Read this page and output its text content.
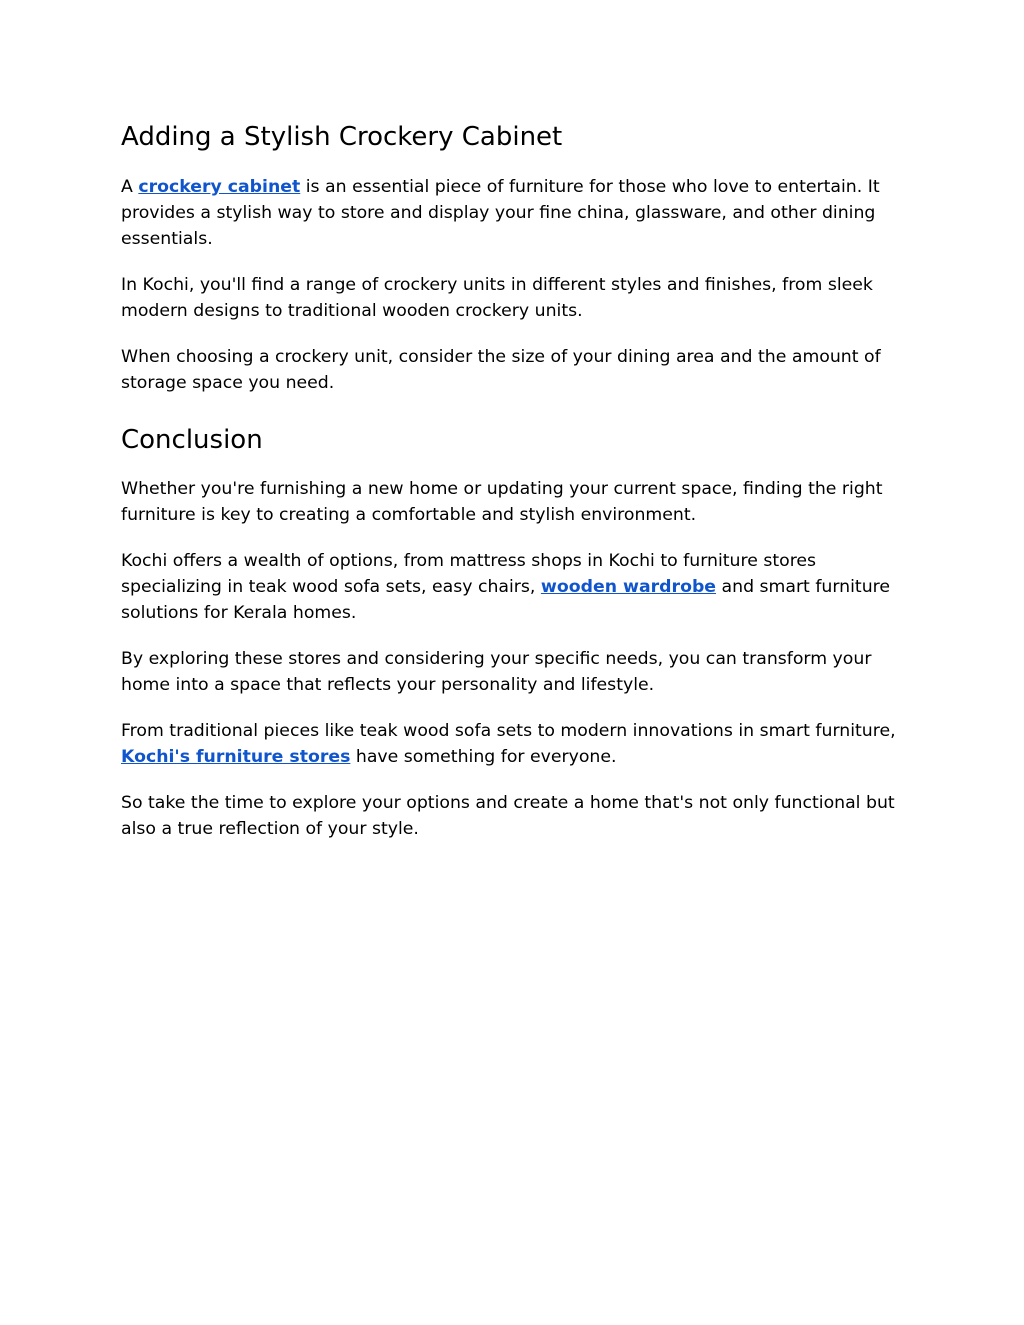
Adding a Stylish Crockery Cabinet

A crockery cabinet is an essential piece of furniture for those who love to entertain. It provides a stylish way to store and display your fine china, glassware, and other dining essentials.

In Kochi, you'll find a range of crockery units in different styles and finishes, from sleek modern designs to traditional wooden crockery units.

When choosing a crockery unit, consider the size of your dining area and the amount of storage space you need.

Conclusion

Whether you're furnishing a new home or updating your current space, finding the right furniture is key to creating a comfortable and stylish environment.

Kochi offers a wealth of options, from mattress shops in Kochi to furniture stores specializing in teak wood sofa sets, easy chairs, wooden wardrobe and smart furniture solutions for Kerala homes.

By exploring these stores and considering your specific needs, you can transform your home into a space that reflects your personality and lifestyle.

From traditional pieces like teak wood sofa sets to modern innovations in smart furniture, Kochi's furniture stores have something for everyone.

So take the time to explore your options and create a home that's not only functional but also a true reflection of your style.
